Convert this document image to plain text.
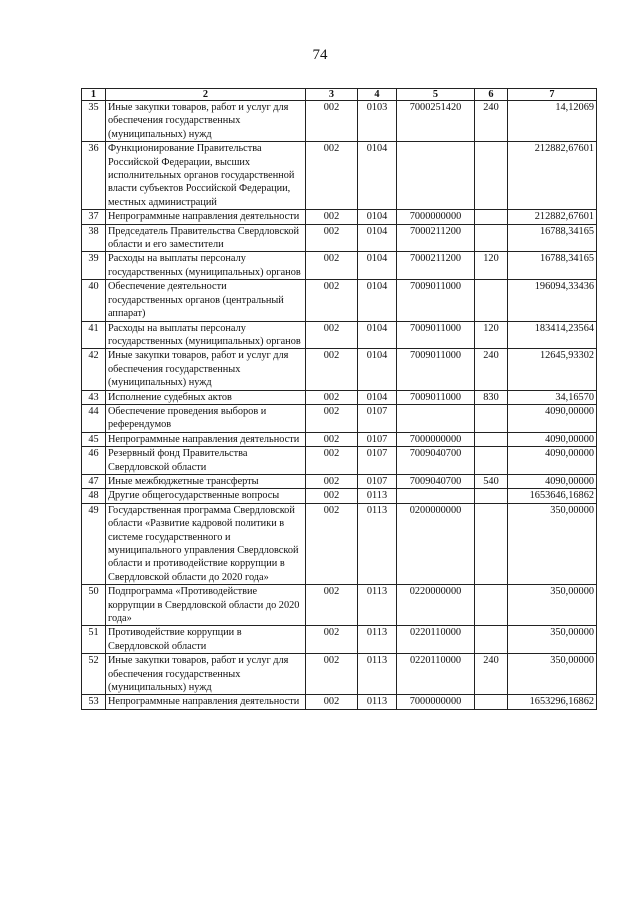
74
1	2	3	4	5	6	7
35	Иные закупки товаров, работ и услуг для обеспечения государственных (муниципальных) нужд	002	0103	7000251420	240	14,12069
36	Функционирование Правительства Российской Федерации, высших исполнительных органов государственной власти субъектов Российской Федерации, местных администраций	002	0104			212882,67601
37	Непрограммные направления деятельности	002	0104	7000000000		212882,67601
38	Председатель Правительства Свердловской области и его заместители	002	0104	7000211200		16788,34165
39	Расходы на выплаты персоналу государственных (муниципальных) органов	002	0104	7000211200	120	16788,34165
40	Обеспечение деятельности государственных органов (центральный аппарат)	002	0104	7009011000		196094,33436
41	Расходы на выплаты персоналу государственных (муниципальных) органов	002	0104	7009011000	120	183414,23564
42	Иные закупки товаров, работ и услуг для обеспечения государственных (муниципальных) нужд	002	0104	7009011000	240	12645,93302
43	Исполнение судебных актов	002	0104	7009011000	830	34,16570
44	Обеспечение проведения выборов и референдумов	002	0107			4090,00000
45	Непрограммные направления деятельности	002	0107	7000000000		4090,00000
46	Резервный фонд Правительства Свердловской области	002	0107	7009040700		4090,00000
47	Иные межбюджетные трансферты	002	0107	7009040700	540	4090,00000
48	Другие общегосударственные вопросы	002	0113			1653646,16862
49	Государственная программа Свердловской области «Развитие кадровой политики в системе государственного и муниципального управления Свердловской области и противодействие коррупции в Свердловской области до 2020 года»	002	0113	0200000000		350,00000
50	Подпрограмма «Противодействие коррупции в Свердловской области до 2020 года»	002	0113	0220000000		350,00000
51	Противодействие коррупции в Свердловской области	002	0113	0220110000		350,00000
52	Иные закупки товаров, работ и услуг для обеспечения государственных (муниципальных) нужд	002	0113	0220110000	240	350,00000
53	Непрограммные направления деятельности	002	0113	7000000000		1653296,16862
